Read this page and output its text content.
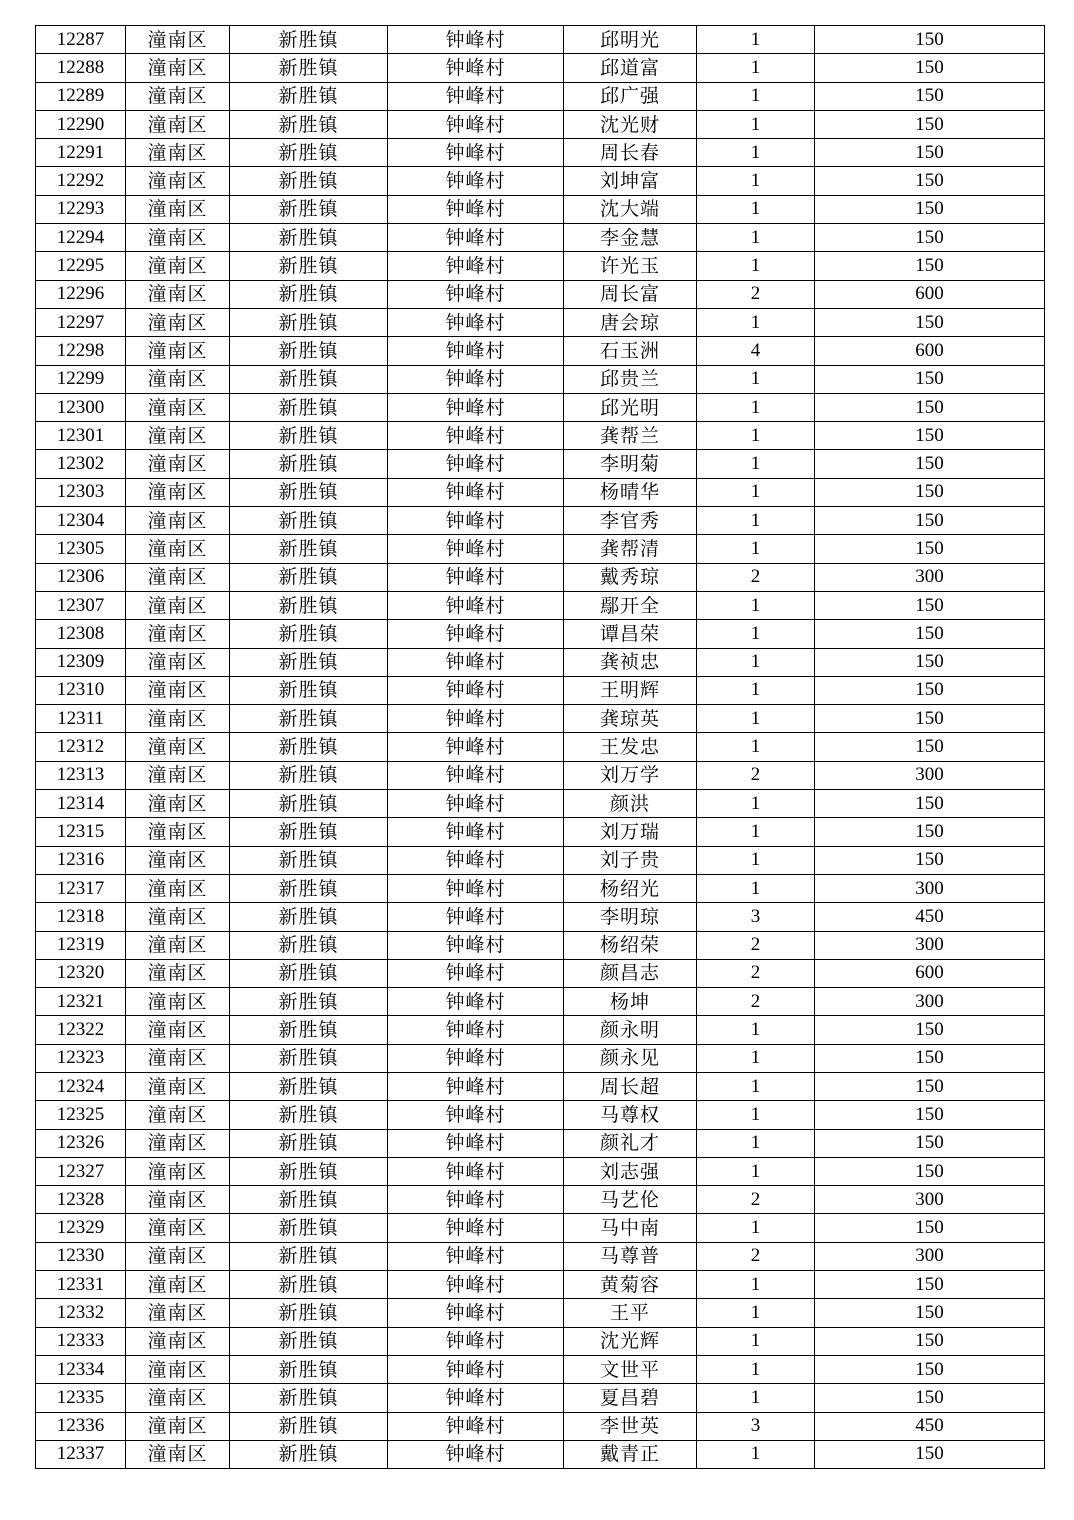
12287	潼南区	新胜镇	钟峰村	邱明光	1	150
12288	潼南区	新胜镇	钟峰村	邱道富	1	150
12289	潼南区	新胜镇	钟峰村	邱广强	1	150
12290	潼南区	新胜镇	钟峰村	沈光财	1	150
12291	潼南区	新胜镇	钟峰村	周长春	1	150
12292	潼南区	新胜镇	钟峰村	刘坤富	1	150
12293	潼南区	新胜镇	钟峰村	沈大端	1	150
12294	潼南区	新胜镇	钟峰村	李金慧	1	150
12295	潼南区	新胜镇	钟峰村	许光玉	1	150
12296	潼南区	新胜镇	钟峰村	周长富	2	600
12297	潼南区	新胜镇	钟峰村	唐会琼	1	150
12298	潼南区	新胜镇	钟峰村	石玉洲	4	600
12299	潼南区	新胜镇	钟峰村	邱贵兰	1	150
12300	潼南区	新胜镇	钟峰村	邱光明	1	150
12301	潼南区	新胜镇	钟峰村	龚帮兰	1	150
12302	潼南区	新胜镇	钟峰村	李明菊	1	150
12303	潼南区	新胜镇	钟峰村	杨晴华	1	150
12304	潼南区	新胜镇	钟峰村	李官秀	1	150
12305	潼南区	新胜镇	钟峰村	龚帮清	1	150
12306	潼南区	新胜镇	钟峰村	戴秀琼	2	300
12307	潼南区	新胜镇	钟峰村	鄢开全	1	150
12308	潼南区	新胜镇	钟峰村	谭昌荣	1	150
12309	潼南区	新胜镇	钟峰村	龚祯忠	1	150
12310	潼南区	新胜镇	钟峰村	王明辉	1	150
12311	潼南区	新胜镇	钟峰村	龚琼英	1	150
12312	潼南区	新胜镇	钟峰村	王发忠	1	150
12313	潼南区	新胜镇	钟峰村	刘万学	2	300
12314	潼南区	新胜镇	钟峰村	颜洪	1	150
12315	潼南区	新胜镇	钟峰村	刘万瑞	1	150
12316	潼南区	新胜镇	钟峰村	刘子贵	1	150
12317	潼南区	新胜镇	钟峰村	杨绍光	1	300
12318	潼南区	新胜镇	钟峰村	李明琼	3	450
12319	潼南区	新胜镇	钟峰村	杨绍荣	2	300
12320	潼南区	新胜镇	钟峰村	颜昌志	2	600
12321	潼南区	新胜镇	钟峰村	杨坤	2	300
12322	潼南区	新胜镇	钟峰村	颜永明	1	150
12323	潼南区	新胜镇	钟峰村	颜永见	1	150
12324	潼南区	新胜镇	钟峰村	周长超	1	150
12325	潼南区	新胜镇	钟峰村	马尊权	1	150
12326	潼南区	新胜镇	钟峰村	颜礼才	1	150
12327	潼南区	新胜镇	钟峰村	刘志强	1	150
12328	潼南区	新胜镇	钟峰村	马艺伦	2	300
12329	潼南区	新胜镇	钟峰村	马中南	1	150
12330	潼南区	新胜镇	钟峰村	马尊普	2	300
12331	潼南区	新胜镇	钟峰村	黄菊容	1	150
12332	潼南区	新胜镇	钟峰村	王平	1	150
12333	潼南区	新胜镇	钟峰村	沈光辉	1	150
12334	潼南区	新胜镇	钟峰村	文世平	1	150
12335	潼南区	新胜镇	钟峰村	夏昌碧	1	150
12336	潼南区	新胜镇	钟峰村	李世英	3	450
12337	潼南区	新胜镇	钟峰村	戴青正	1	150
